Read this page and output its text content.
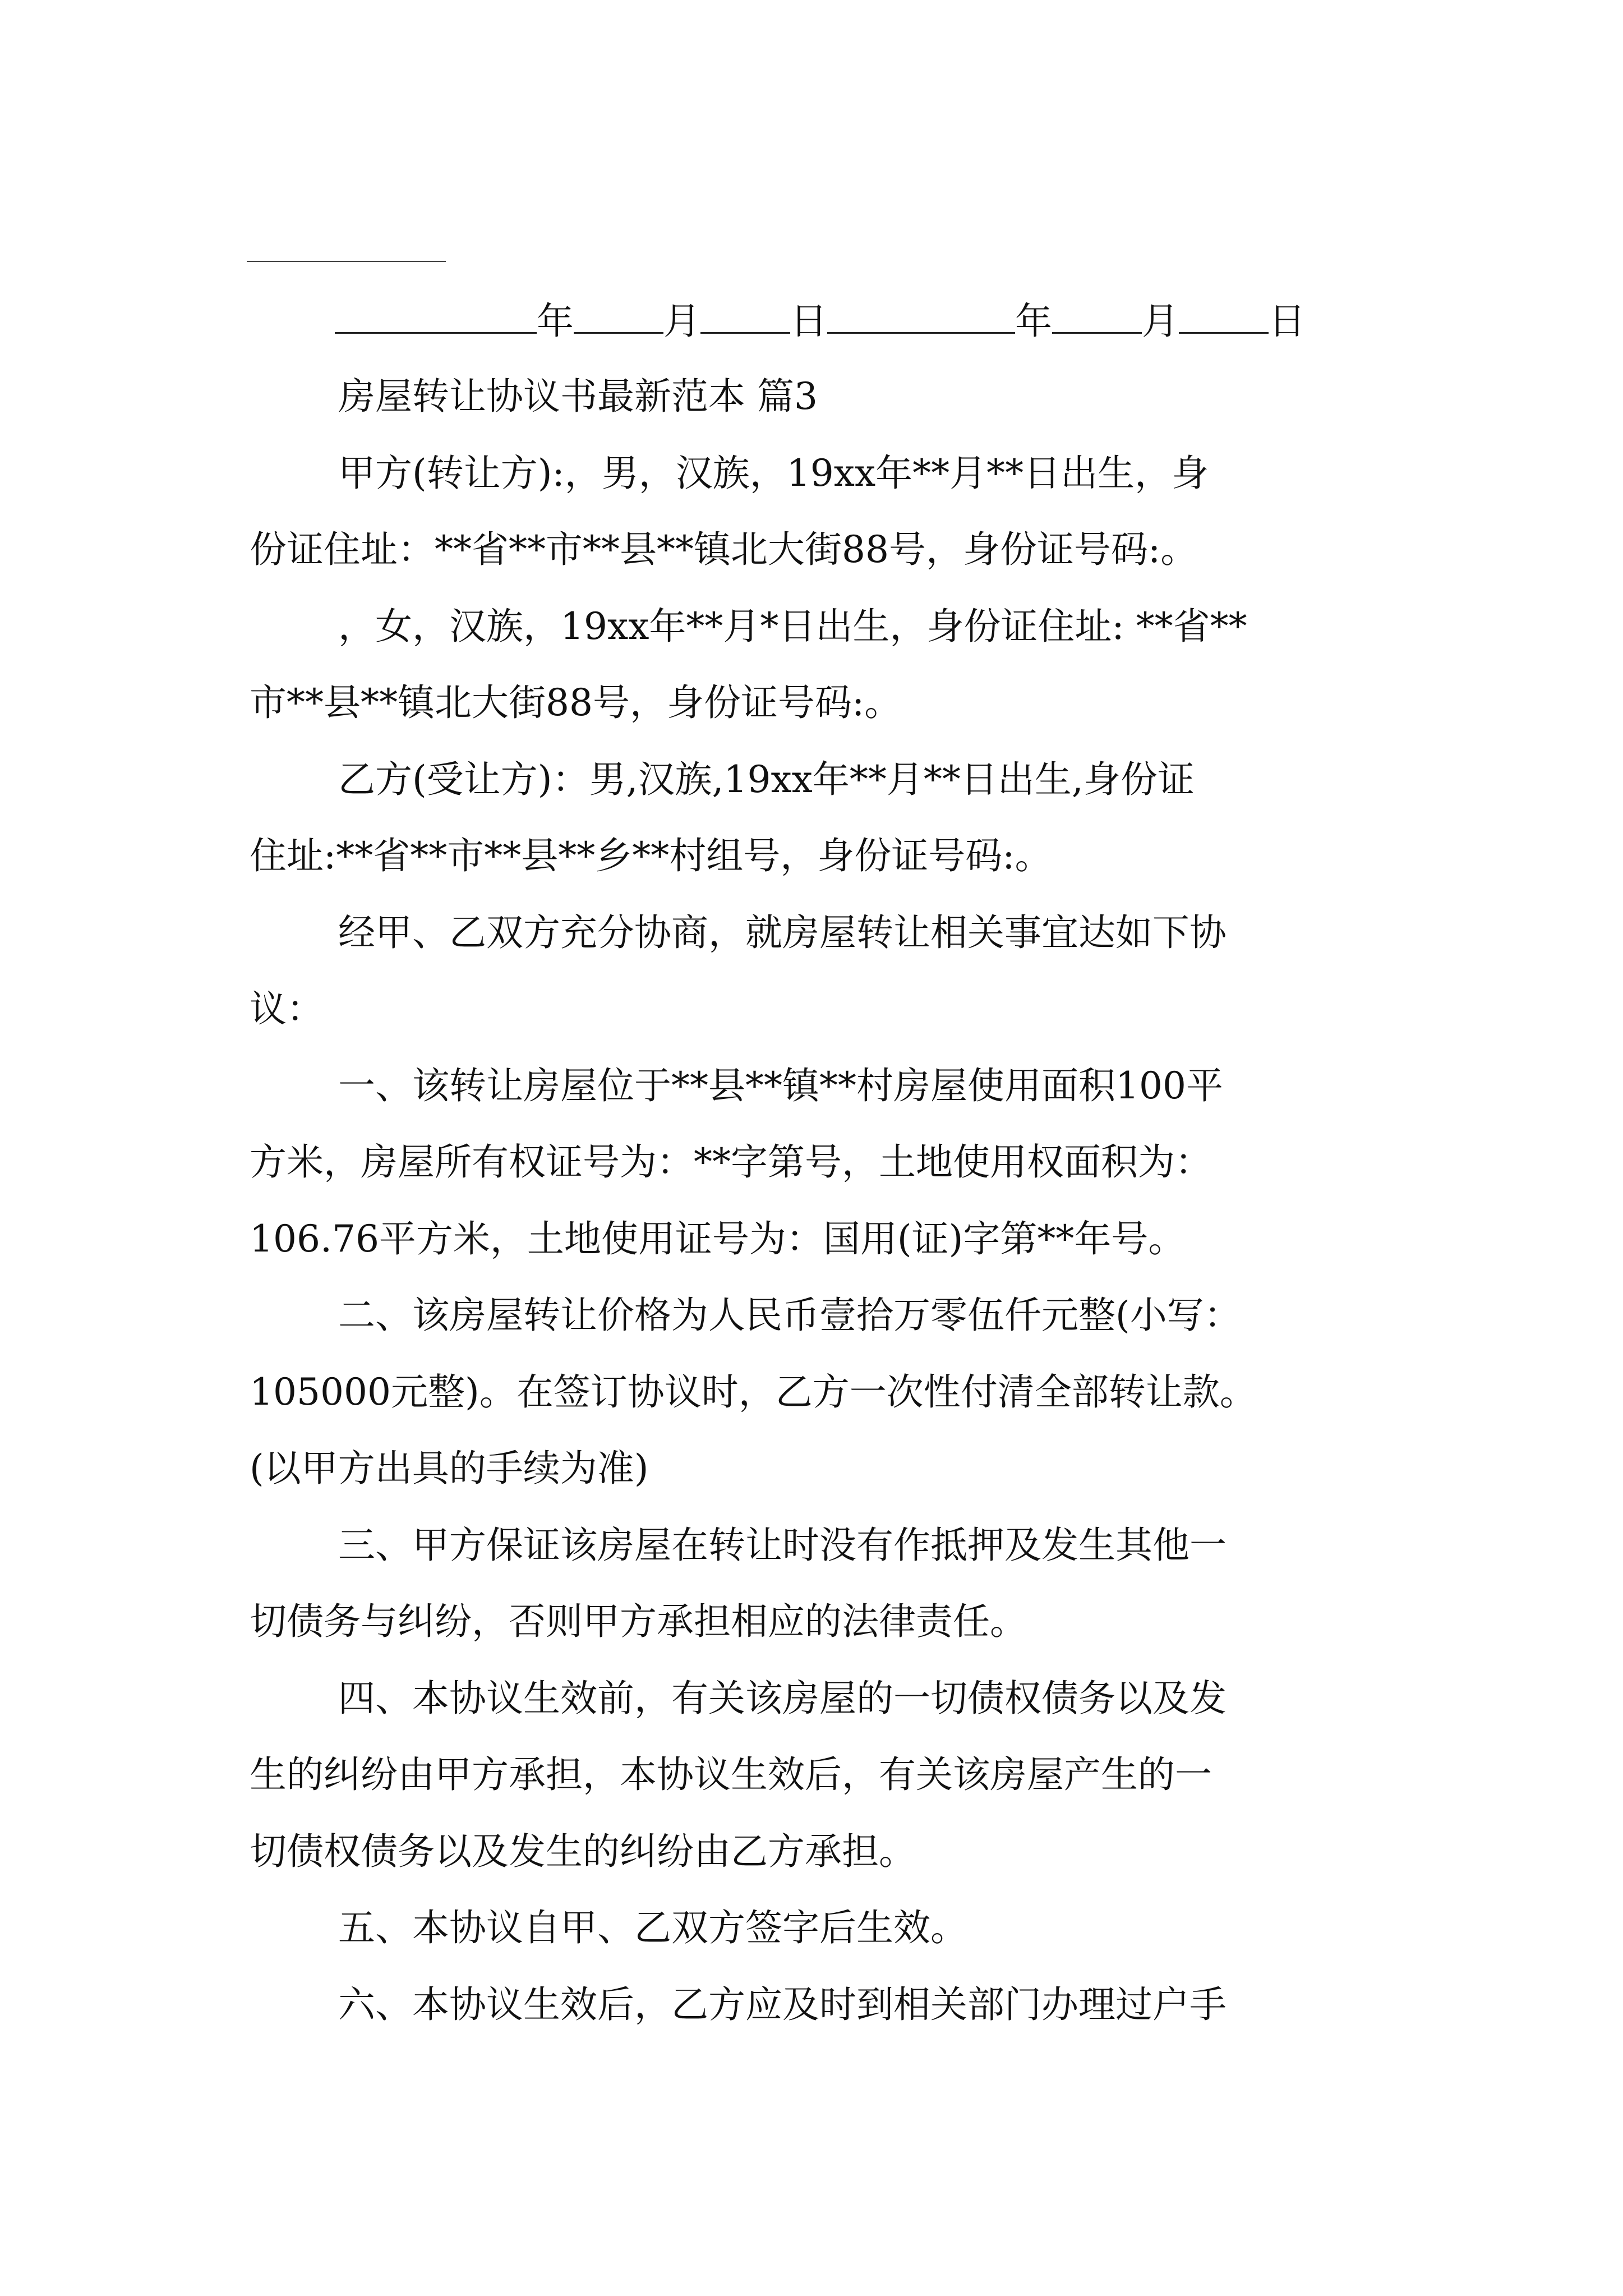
年 月 日	年 月 日
房屋转让协议书最新范本 篇3
甲方(转让方):，男，汉族，19xx年**月**日出生，身
份证住址：**省**市**县**镇北大街88号，身份证号码:。
，女，汉族，19xx年**月*日出生，身份证住址: **省**
市**县**镇北大街88号，身份证号码:。
乙方(受让方)：男,汉族,19xx年**月**日出生,身份证
住址:**省**市**县**乡**村组号，身份证号码:。
经甲、乙双方充分协商，就房屋转让相关事宜达如下协
议：
一、该转让房屋位于**县**镇**村房屋使用面积100平
方米，房屋所有权证号为：**字第号，土地使用权面积为：
106.76平方米，土地使用证号为：国用(证)字第**年号。
二、该房屋转让价格为人民币壹拾万零伍仟元整(小写：
105000元整)。在签订协议时，乙方一次性付清全部转让款。
(以甲方出具的手续为准)
三、甲方保证该房屋在转让时没有作抵押及发生其他一
切债务与纠纷，否则甲方承担相应的法律责任。
四、本协议生效前，有关该房屋的一切债权债务以及发
生的纠纷由甲方承担，本协议生效后，有关该房屋产生的一
切债权债务以及发生的纠纷由乙方承担。
五、本协议自甲、乙双方签字后生效。
六、本协议生效后，乙方应及时到相关部门办理过户手
